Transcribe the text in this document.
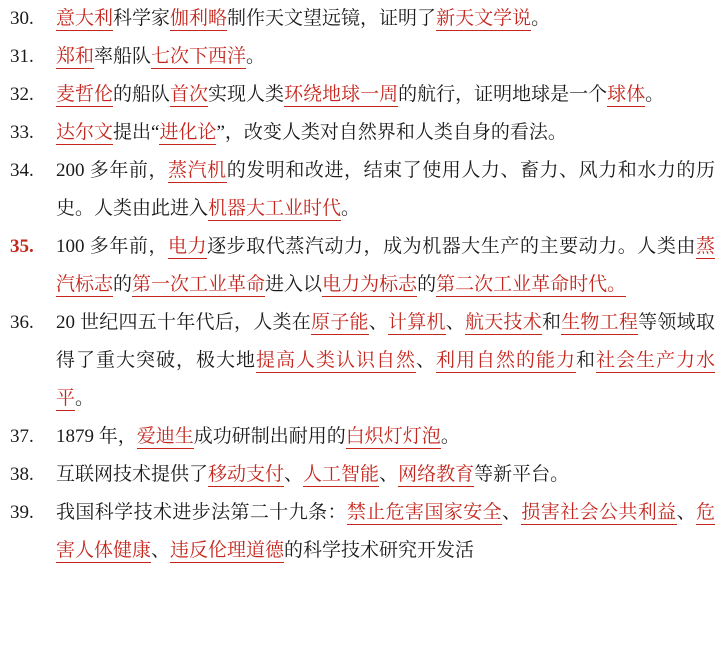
30.	意大利科学家伽利略制作天文望远镜，证明了新天文学说。
31.	郑和率船队七次下西洋。
32.	麦哲伦的船队首次实现人类环绕地球一周的航行，证明地球是一个球体。
33.	达尔文提出“进化论”，改变人类对自然界和人类自身的看法。
34.	200 多年前，蒸汽机的发明和改进，结束了使用人力、畜力、风力和水力的历史。人类由此进入机器大工业时代。
35.	100 多年前，电力逐步取代蒸汽动力，成为机器大生产的主要动力。人类由蒸汽标志的第一次工业革命进入以电力为标志的第二次工业革命时代。
36.	20 世纪四五十年代后，人类在原子能、计算机、航天技术和生物工程等领域取得了重大突破，极大地提高人类认识自然、利用自然的能力和社会生产力水平。
37.	1879 年，爱迪生成功研制出耐用的白炽灯灯泡。
38.	互联网技术提供了移动支付、人工智能、网络教育等新平台。
39.	我国科学技术进步法第二十九条：禁止危害国家安全、损害社会公共利益、危害人体健康、违反伦理道德的科学技术研究开发活
